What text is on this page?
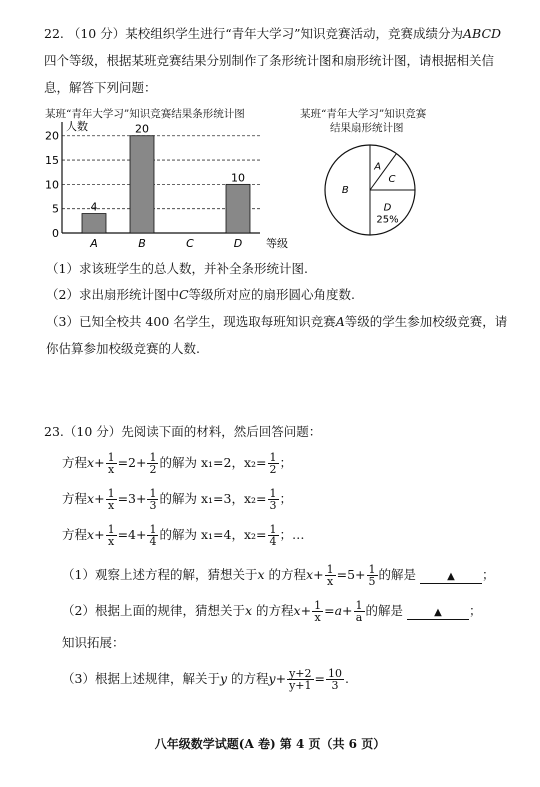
22. （10 分）某校组织学生进行“青年大学习”知识竞赛活动，竞赛成绩分为ABCD
四个等级，根据某班竞赛结果分别制作了条形统计图和扇形统计图，请根据相关信
息，解答下列问题：
某班“青年大学习”知识竞赛结果条形统计图	某班“青年大学习”知识竞赛
结果扇形统计图
0
5
10
15
20
人数
等级
A
4
B
20
C	D
10
A
C
D
25%
B
（1）求该班学生的总人数，并补全条形统计图.
（2）求出扇形统计图中C等级所对应的扇形圆心角度数.
（3）已知全校共 400 名学生，现选取每班知识竞赛A等级的学生参加校级竞赛，请
你估算参加校级竞赛的人数.
23.（10 分）先阅读下面的材料，然后回答问题：
方程$x+ \frac{1}{x} =2+ \frac{1}{2}$ 的解为 x₁=2，$x_2= \frac{1}{2}$ ；
方程$x+ \frac{1}{x} =3+ \frac{1}{3}$ 的解为 x₁=3，$x_2= \frac{1}{3}$ ；
方程$x+ \frac{1}{x} =4+ \frac{1}{4}$ 的解为 x₁=4，$x_2= \frac{1}{4}$ ；…
（1）观察上述方程的解，猜想关于x 的方程$x+ \frac{1}{x} =5+ \frac{1}{5}$ 的解是	▲ ；
（2）根据上面的规律，猜想关于x 的方程$x+ \frac{1}{x} =a+ \frac{1}{a}$ 的解是	▲ ；
知识拓展：
（3）根据上述规律，解关于y 的方程$y+ \frac{y+2}{y+1} = \frac{10}{3}$ .
八年级数学试题(A 卷) 第 4 页（共 6 页）
